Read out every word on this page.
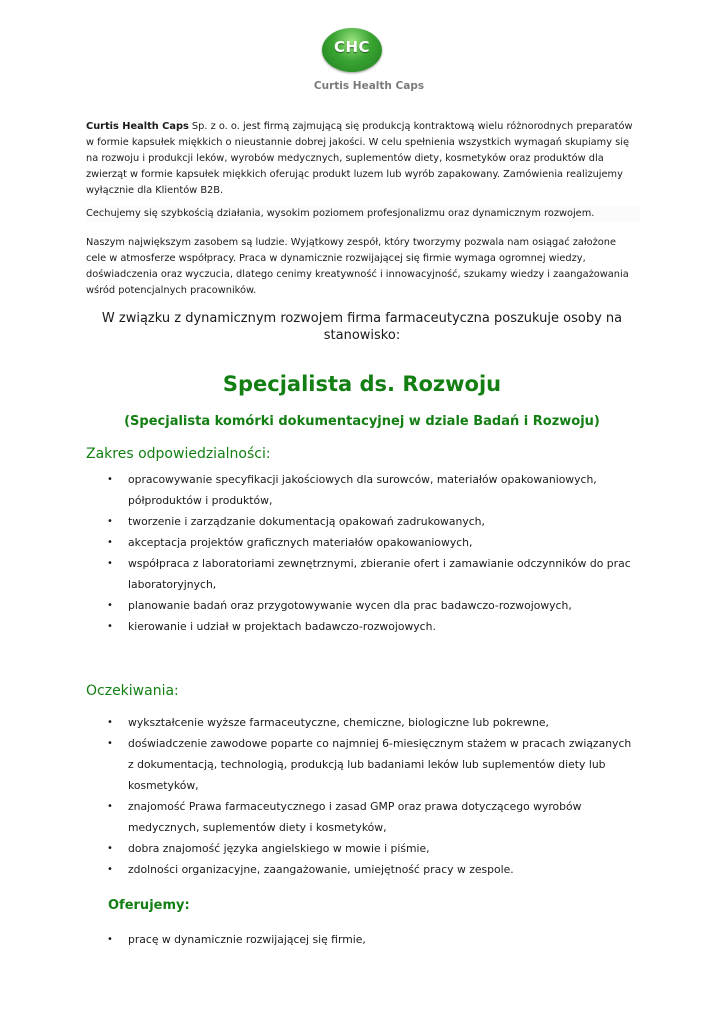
CHC
Curtis Health Caps
Curtis Health Caps Sp. z o. o. jest firmą zajmującą się produkcją kontraktową wielu różnorodnych preparatów w formie kapsułek miękkich o nieustannie dobrej jakości. W celu spełnienia wszystkich wymagań skupiamy się na rozwoju i produkcji leków, wyrobów medycznych, suplementów diety, kosmetyków oraz produktów dla zwierząt w formie kapsułek miękkich oferując produkt luzem lub wyrób zapakowany. Zamówienia realizujemy wyłącznie dla Klientów B2B.
Cechujemy się szybkością działania, wysokim poziomem profesjonalizmu oraz dynamicznym rozwojem.
Naszym największym zasobem są ludzie. Wyjątkowy zespół, który tworzymy pozwala nam osiągać założone cele w atmosferze współpracy. Praca w dynamicznie rozwijającej się firmie wymaga ogromnej wiedzy, doświadczenia oraz wyczucia, dlatego cenimy kreatywność i innowacyjność, szukamy wiedzy i zaangażowania wśród potencjalnych pracowników.
W związku z dynamicznym rozwojem firma farmaceutyczna poszukuje osoby na stanowisko:
Specjalista ds. Rozwoju
(Specjalista komórki dokumentacyjnej w dziale Badań i Rozwoju)
Zakres odpowiedzialności:
• opracowywanie specyfikacji jakościowych dla surowców, materiałów opakowaniowych, półproduktów i produktów,
• tworzenie i zarządzanie dokumentacją opakowań zadrukowanych,
• akceptacja projektów graficznych materiałów opakowaniowych,
• współpraca z laboratoriami zewnętrznymi, zbieranie ofert i zamawianie odczynników do prac laboratoryjnych,
• planowanie badań oraz przygotowywanie wycen dla prac badawczo-rozwojowych,
• kierowanie i udział w projektach badawczo-rozwojowych.
Oczekiwania:
• wykształcenie wyższe farmaceutyczne, chemiczne, biologiczne lub pokrewne,
• doświadczenie zawodowe poparte co najmniej 6-miesięcznym stażem w pracach związanych z dokumentacją, technologią, produkcją lub badaniami leków lub suplementów diety lub kosmetyków,
• znajomość Prawa farmaceutycznego i zasad GMP oraz prawa dotyczącego wyrobów medycznych, suplementów diety i kosmetyków,
• dobra znajomość języka angielskiego w mowie i piśmie,
• zdolności organizacyjne, zaangażowanie, umiejętność pracy w zespole.
Oferujemy:
• pracę w dynamicznie rozwijającej się firmie,
